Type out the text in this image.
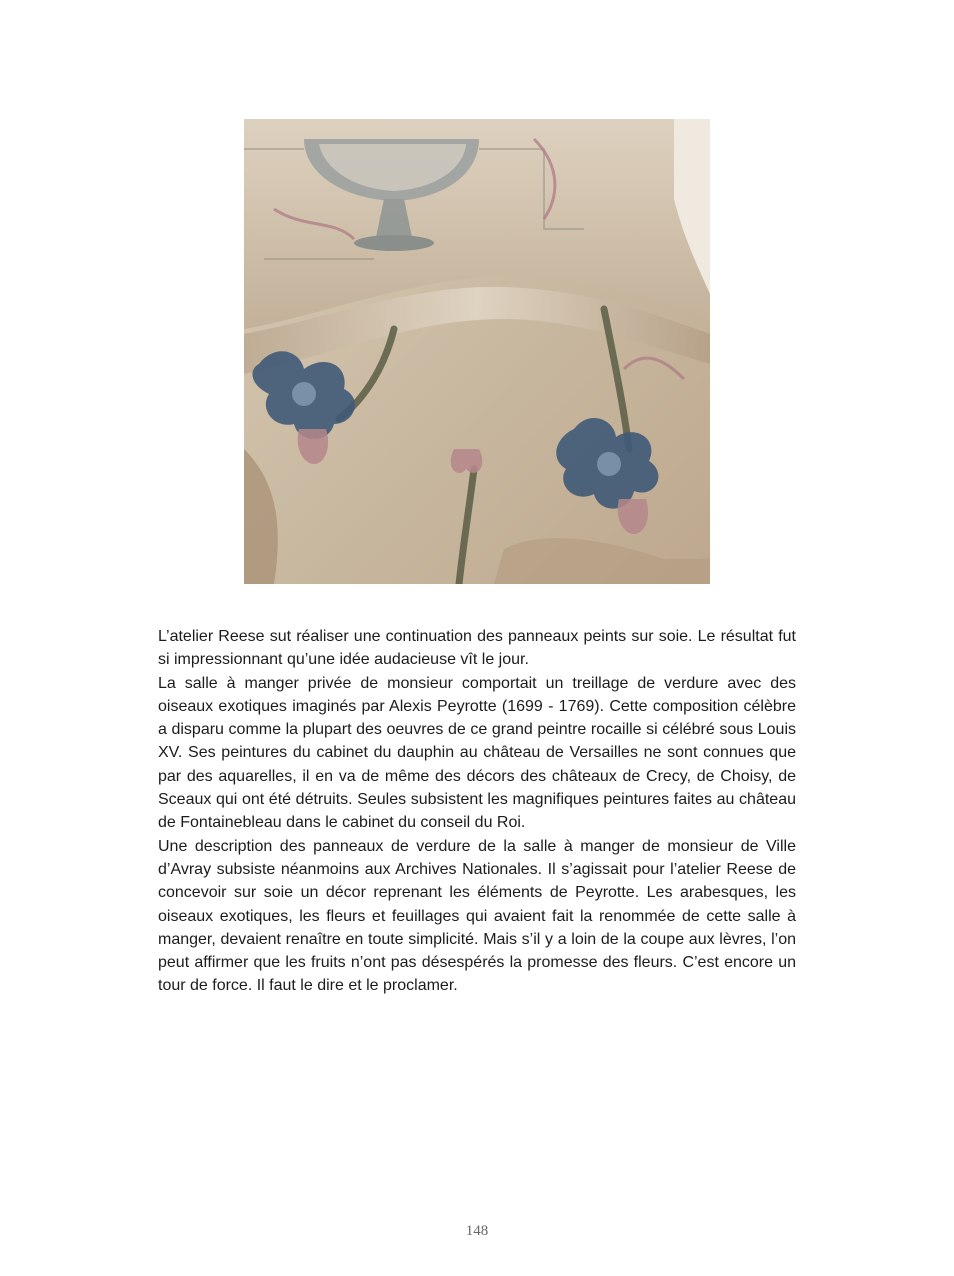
L’atelier Reese sut réaliser une continuation des panneaux peints sur soie. Le résultat fut si impressionnant qu’une idée audacieuse vît le jour.

La salle à manger privée de monsieur comportait un treillage de verdure avec des oiseaux exotiques imaginés par Alexis Peyrotte (1699 - 1769). Cette composition célèbre a disparu comme la plupart des oeuvres de ce grand peintre rocaille si célébré sous Louis XV. Ses peintures du cabinet du dauphin au château de Versailles ne sont connues que par des aquarelles, il en va de même des décors des châteaux de Crecy, de Choisy, de Sceaux qui ont été détruits. Seules subsistent les magnifiques peintures faites au château de Fontainebleau dans le cabinet du conseil du Roi.

Une description des panneaux de verdure de la salle à manger de monsieur de Ville d’Avray subsiste néanmoins aux Archives Nationales. Il s’agissait pour l’atelier Reese de concevoir sur soie un décor reprenant les éléments de Peyrotte. Les arabesques, les oiseaux exotiques, les fleurs et feuillages qui avaient fait la renommée de cette salle à manger, devaient renaître en toute simplicité. Mais s’il y a loin de la coupe aux lèvres, l’on peut affirmer que les fruits n’ont pas désespérés la promesse des fleurs. C’est encore un tour de force. Il faut le dire et le proclamer.

148
